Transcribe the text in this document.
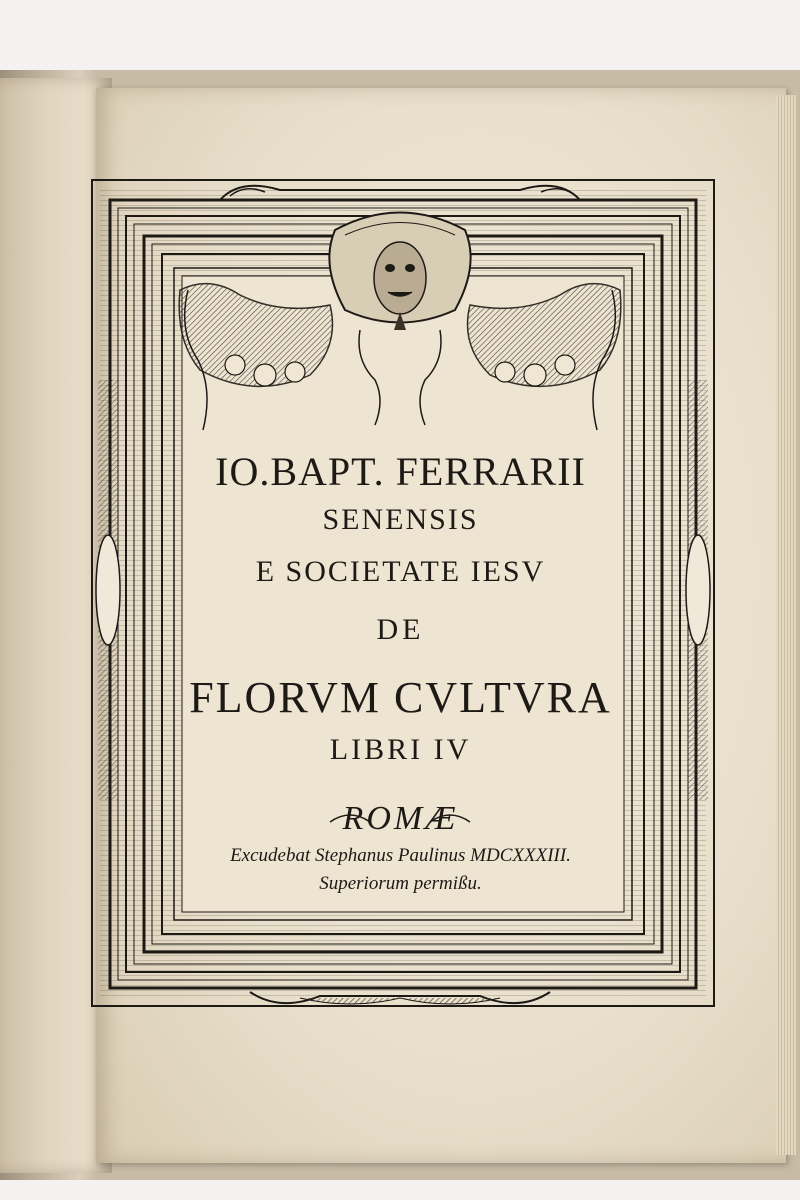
IO.BAPT. FERRARII
SENENSIS
E SOCIETATE IESV
DE
FLORVM CVLTVRA
LIBRI IV
ROMÆ
Excudebat Stephanus Paulinus MDCXXXIII.
Superiorum permißu.
